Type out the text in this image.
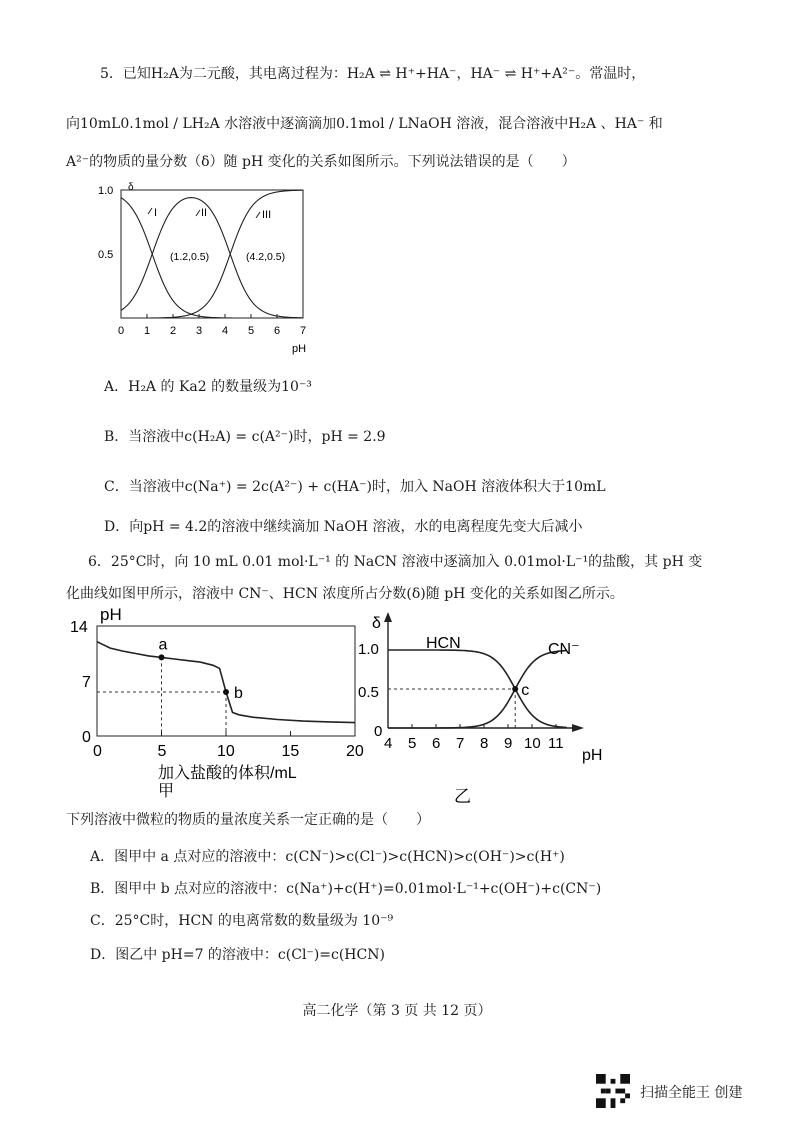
5．已知H₂A为二元酸，其电离过程为：H₂A ⇌ H⁺+HA⁻，HA⁻ ⇌ H⁺+A²⁻。常温时，
向10mL0.1mol / LH₂A 水溶液中逐滴滴加0.1mol / LNaOH 溶液，混合溶液中H₂A 、HA⁻ 和
A²⁻的物质的量分数（δ）随 pH 变化的关系如图所示。下列说法错误的是（　　）
0 1 2 3 4 5 6 7
1.0
0.5
δ
pH
I	II	III
(1.2,0.5)	(4.2,0.5)
A．H₂A 的 Ka2 的数量级为10⁻³
B．当溶液中c(H₂A) = c(A²⁻)时，pH = 2.9
C．当溶液中c(Na⁺) = 2c(A²⁻) + c(HA⁻)时，加入 NaOH 溶液体积大于10mL
D．向pH = 4.2的溶液中继续滴加 NaOH 溶液，水的电离程度先变大后减小
6．25°C时，向 10 mL 0.01 mol·L⁻¹ 的 NaCN 溶液中逐滴加入 0.01mol·L⁻¹的盐酸，其 pH 变
化曲线如图甲所示，溶液中 CN⁻、HCN 浓度所占分数(δ)随 pH 变化的关系如图乙所示。
a
b
pH
14
7
0
0	5	10	15	20
加入盐酸的体积/mL
甲
c
4 5 6 7 8 9 10 11
δ
1.0
0.5
0
HCN	CN⁻
pH
乙
下列溶液中微粒的物质的量浓度关系一定正确的是（　　）
A．图甲中 a 点对应的溶液中：c(CN⁻)>c(Cl⁻)>c(HCN)>c(OH⁻)>c(H⁺)
B．图甲中 b 点对应的溶液中：c(Na⁺)+c(H⁺)=0.01mol·L⁻¹+c(OH⁻)+c(CN⁻)
C．25°C时，HCN 的电离常数的数量级为 10⁻⁹
D．图乙中 pH=7 的溶液中：c(Cl⁻)=c(HCN)
高二化学（第 3 页 共 12 页）
扫描全能王 创建
